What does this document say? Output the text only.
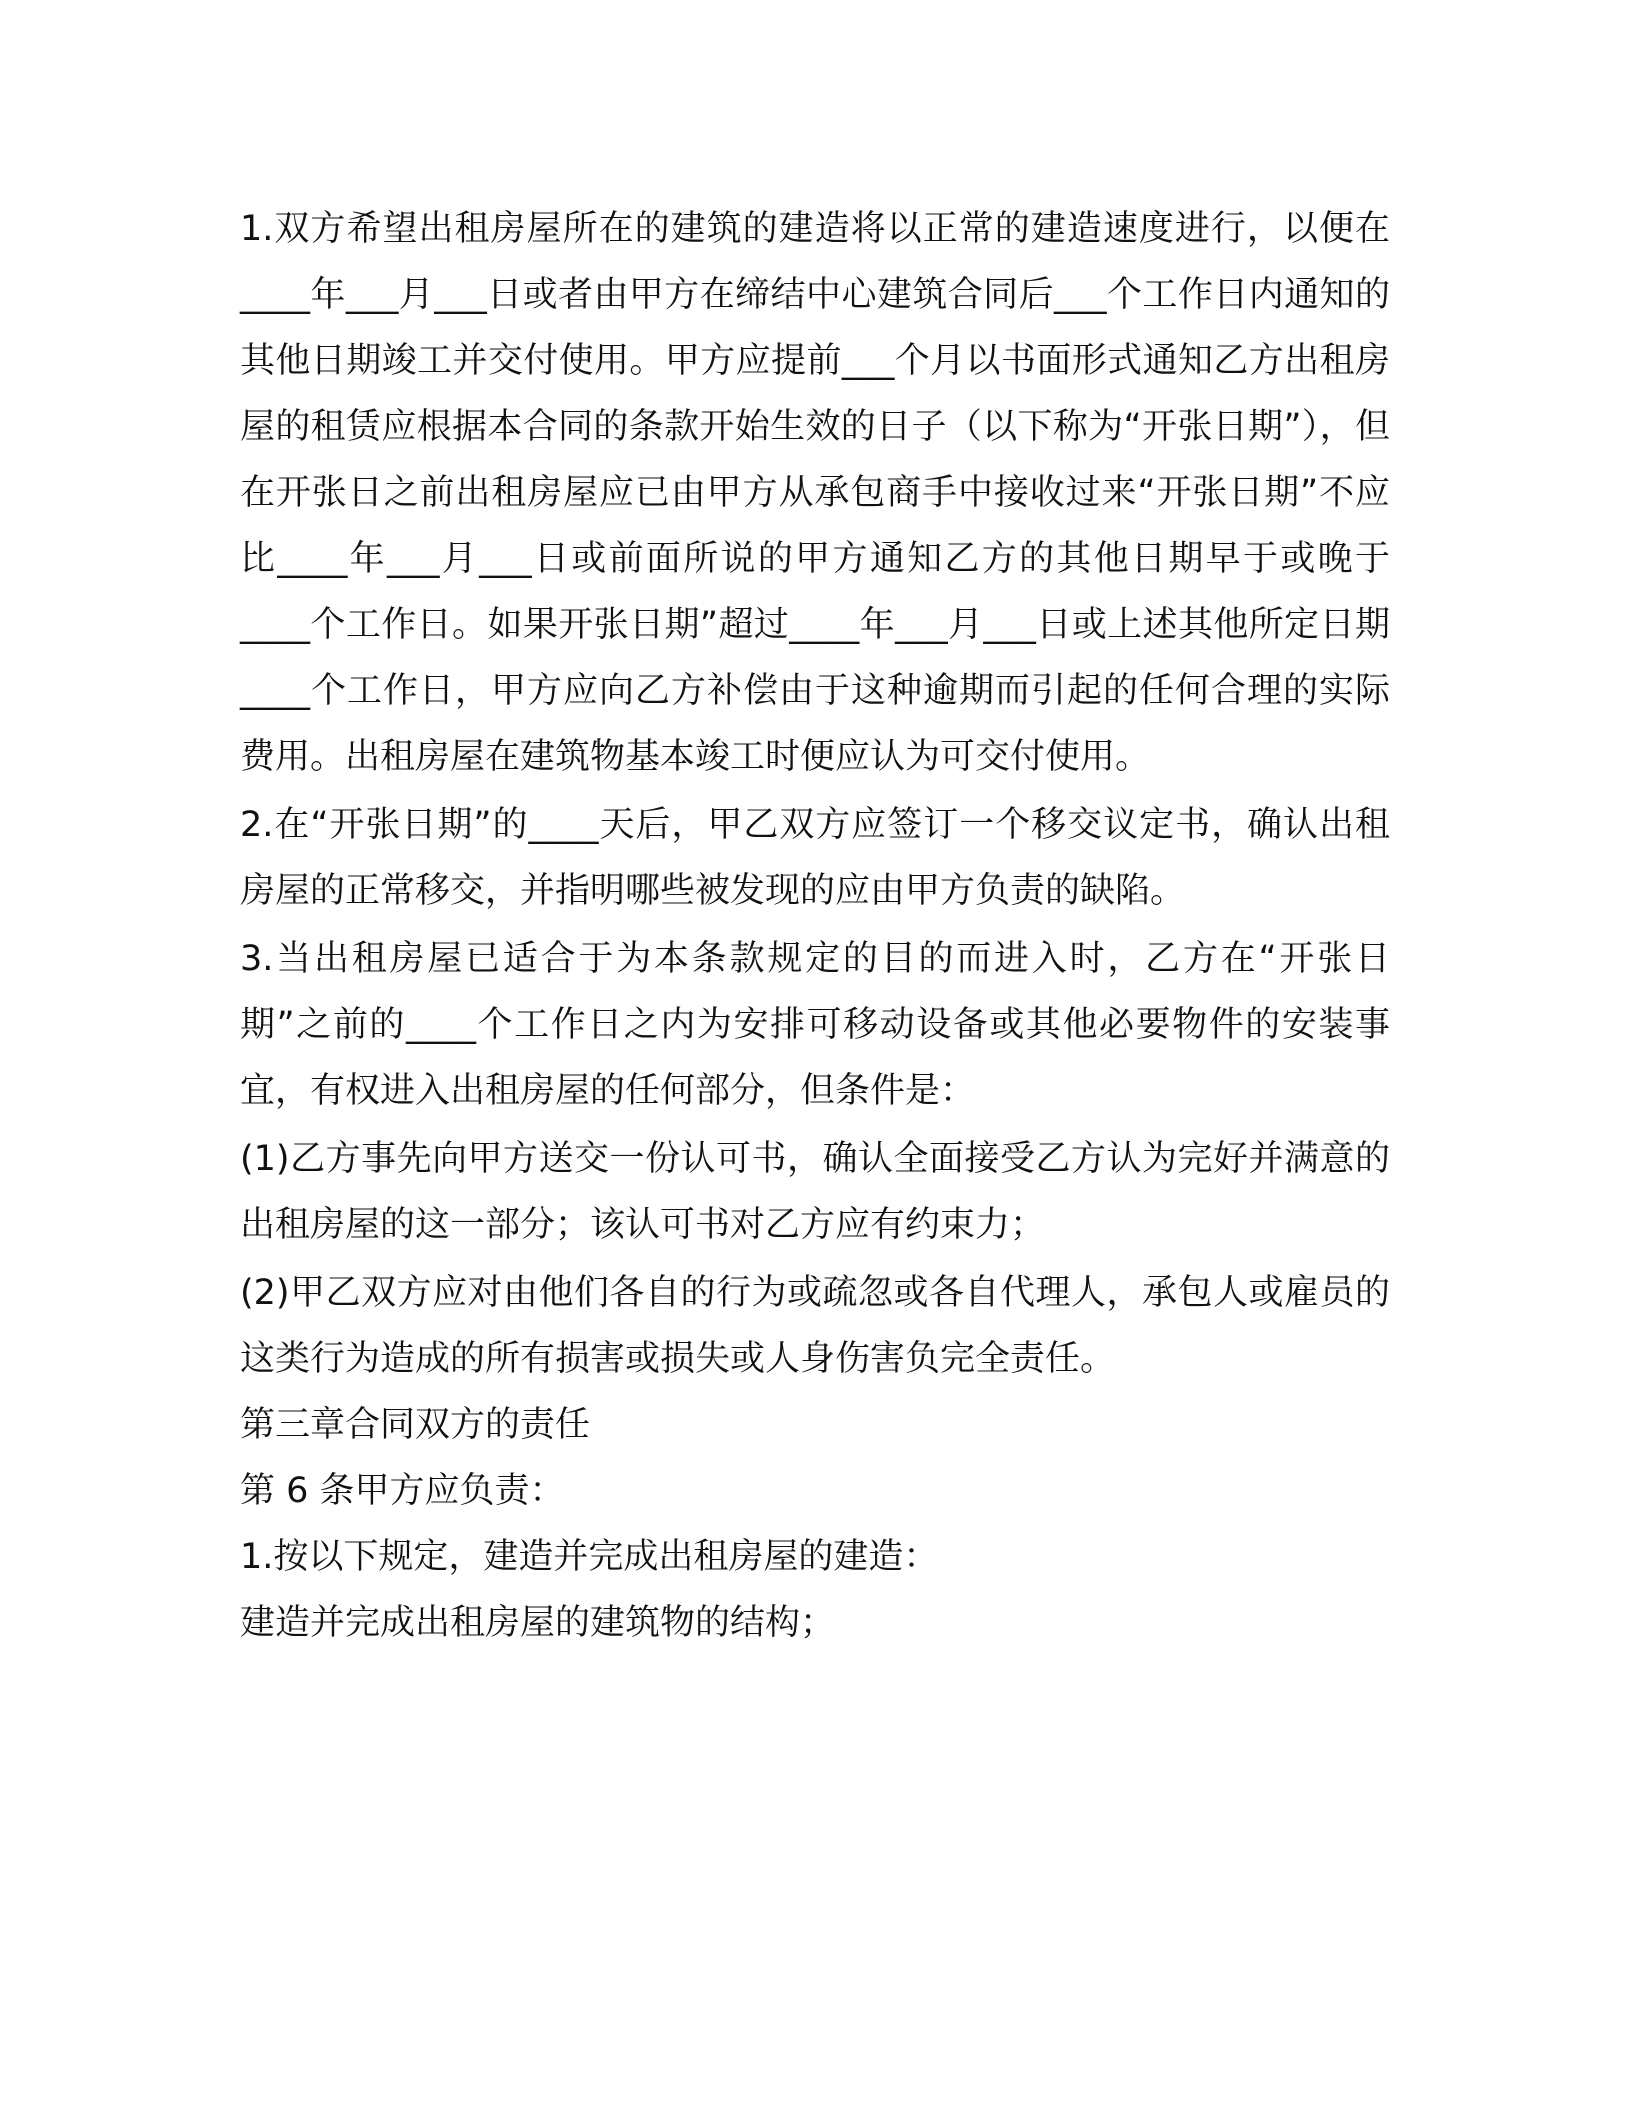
1.双方希望出租房屋所在的建筑的建造将以正常的建造速度进行，以便在____年___月___日或者由甲方在缔结中心建筑合同后___个工作日内通知的其他日期竣工并交付使用。甲方应提前___个月以书面形式通知乙方出租房屋的租赁应根据本合同的条款开始生效的日子（以下称为“开张日期”），但在开张日之前出租房屋应已由甲方从承包商手中接收过来“开张日期”不应比____年___月___日或前面所说的甲方通知乙方的其他日期早于或晚于____个工作日。如果开张日期”超过____年___月___日或上述其他所定日期____个工作日，甲方应向乙方补偿由于这种逾期而引起的任何合理的实际费用。出租房屋在建筑物基本竣工时便应认为可交付使用。

2.在“开张日期”的____天后，甲乙双方应签订一个移交议定书，确认出租房屋的正常移交，并指明哪些被发现的应由甲方负责的缺陷。

3.当出租房屋已适合于为本条款规定的目的而进入时，乙方在“开张日期”之前的____个工作日之内为安排可移动设备或其他必要物件的安装事宜，有权进入出租房屋的任何部分，但条件是：

(1)乙方事先向甲方送交一份认可书，确认全面接受乙方认为完好并满意的出租房屋的这一部分；该认可书对乙方应有约束力；

(2)甲乙双方应对由他们各自的行为或疏忽或各自代理人，承包人或雇员的这类行为造成的所有损害或损失或人身伤害负完全责任。

第三章合同双方的责任

第 6 条甲方应负责：

1.按以下规定，建造并完成出租房屋的建造：

建造并完成出租房屋的建筑物的结构；
